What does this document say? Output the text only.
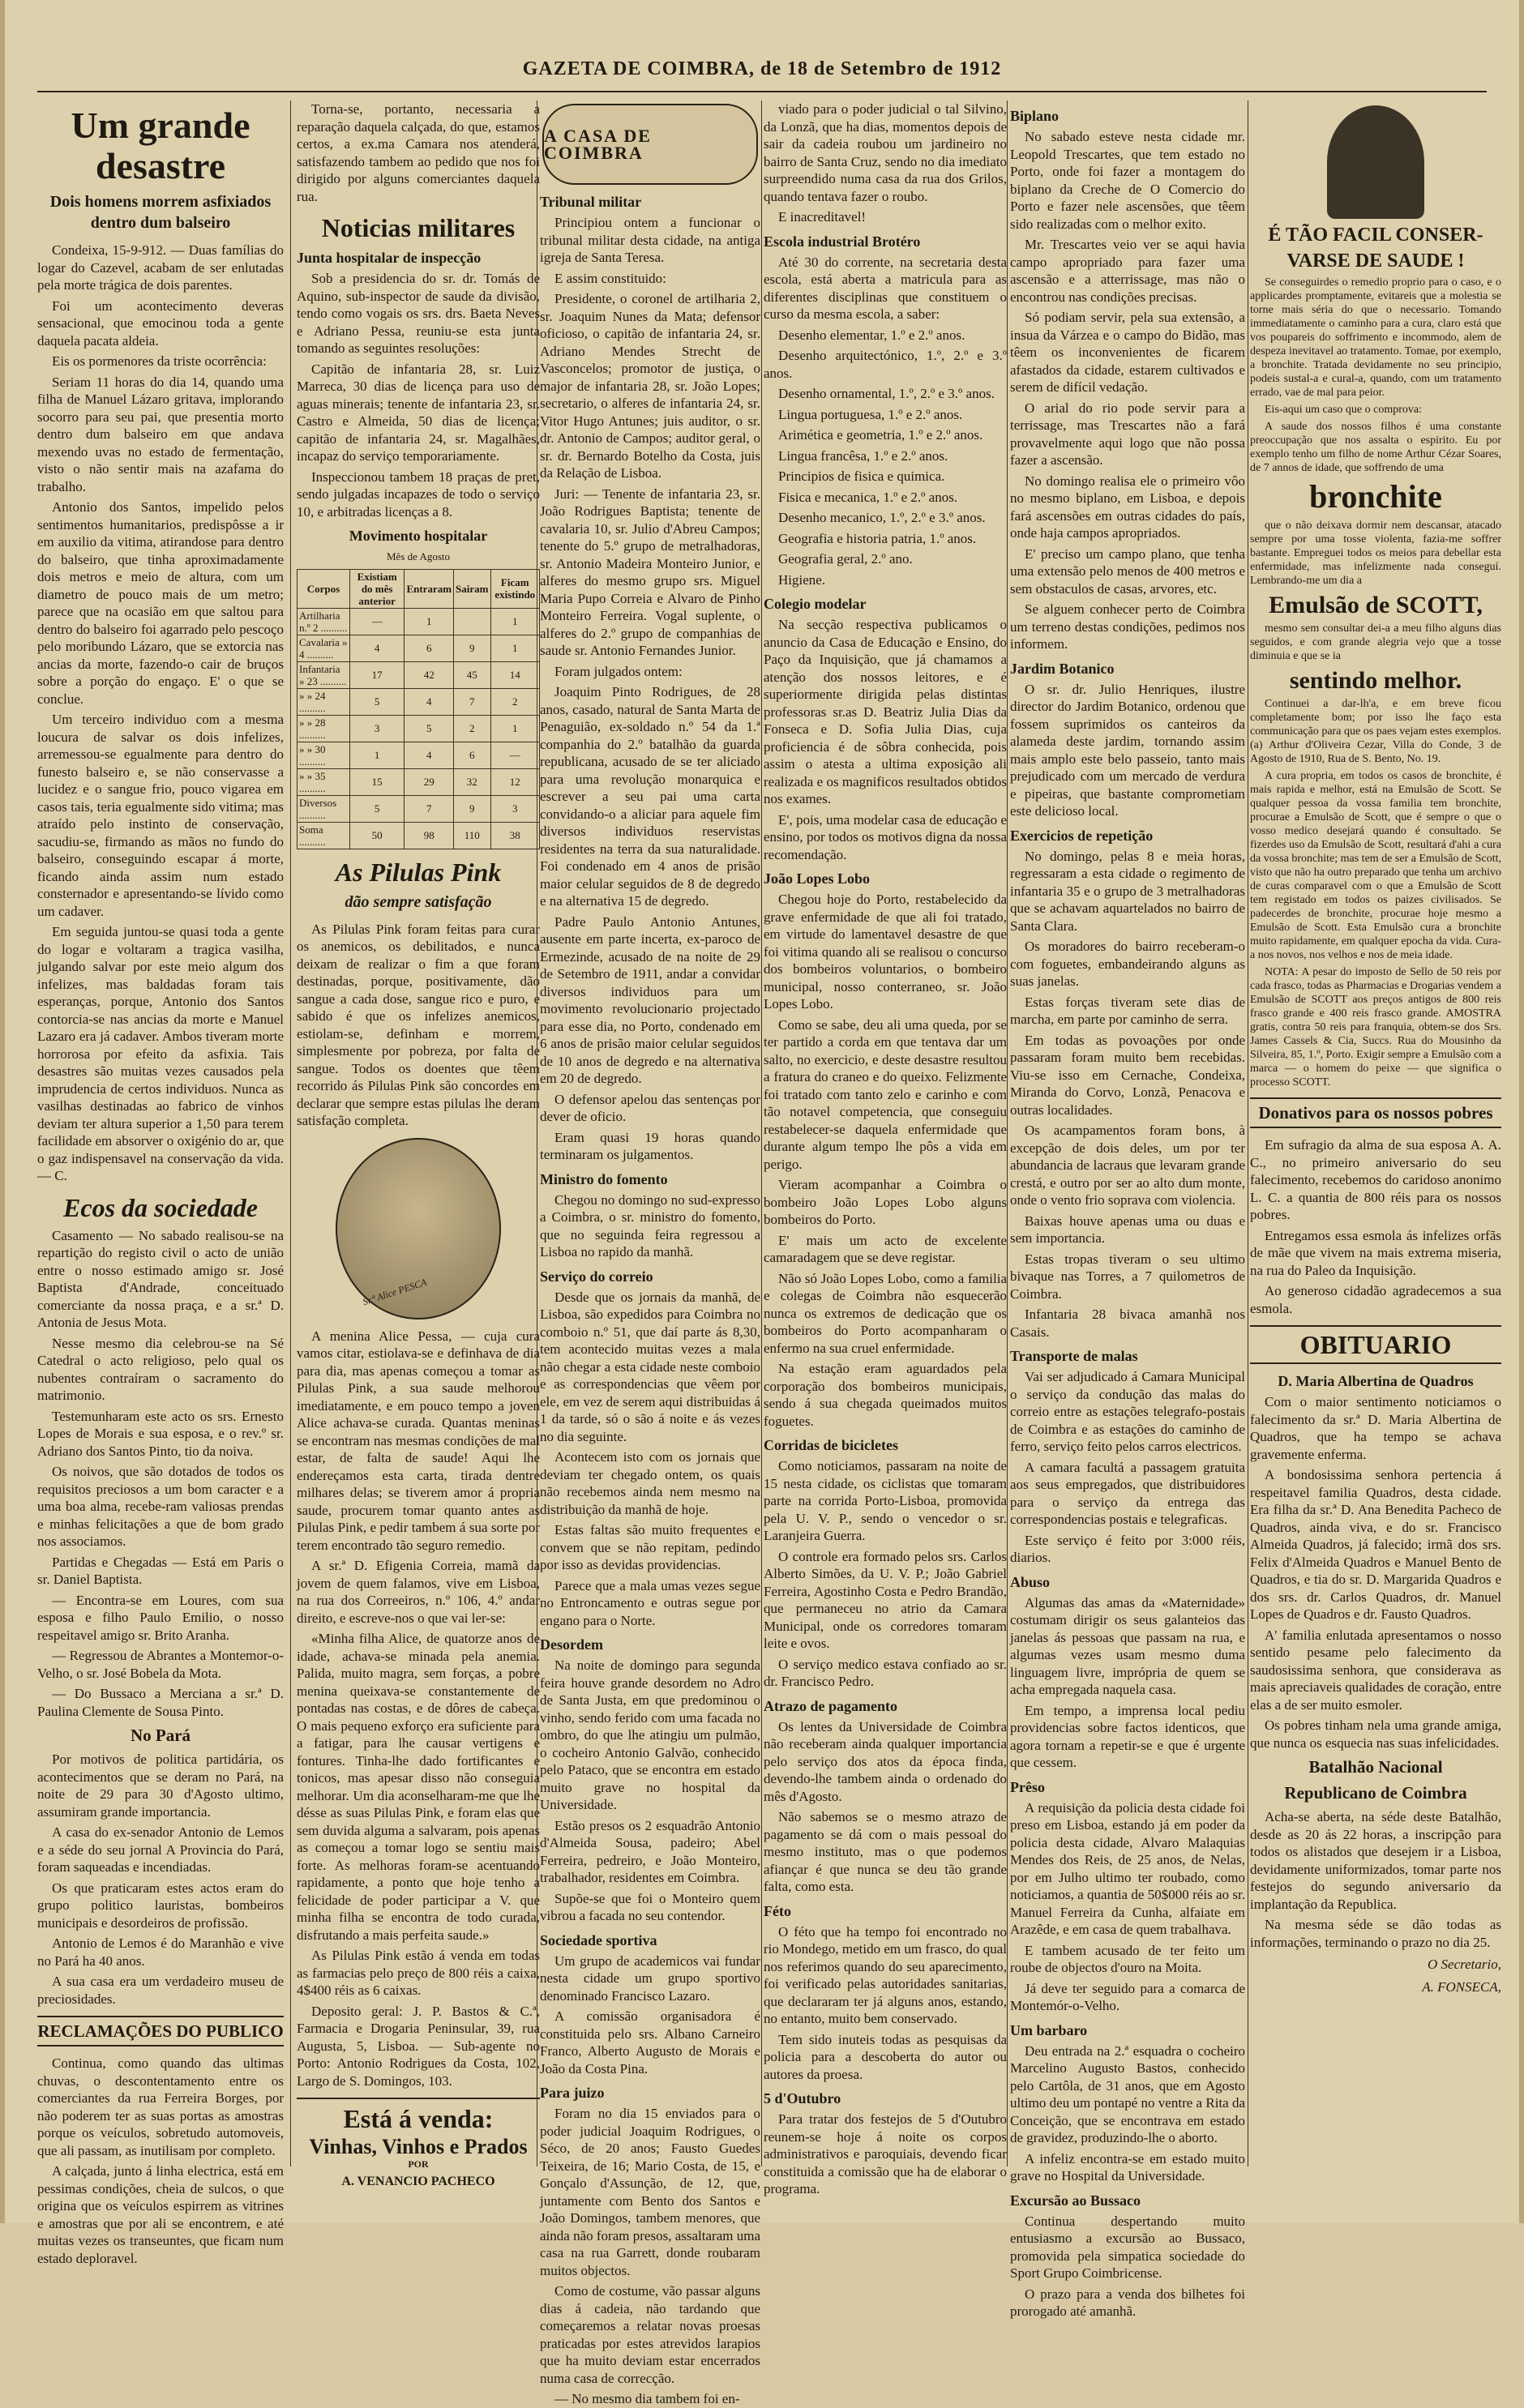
GAZETA DE COIMBRA, de 18 de Setembro de 1912
Um grande desastre
Dois homens morrem asfixiados dentro dum balseiro

Condeixa, 15-9-912. — Duas famílias do logar do Cazevel, acabam de ser enlutadas pela morte trágica de dois parentes.

Foi um acontecimento deveras sensacional, que emocinou toda a gente daquela pacata aldeia.

Eis os pormenores da triste ocorrência:

Seriam 11 horas do dia 14, quando uma filha de Manuel Lázaro gritava, implorando socorro para seu pai, que presentia morto dentro dum balseiro em que andava mexendo uvas no estado de fermentação, visto o não sentir mais na azafama do trabalho.

Antonio dos Santos, impelido pelos sentimentos humanitarios, predispôsse a ir em auxilio da vitima, atirandose para dentro do balseiro, que tinha aproximadamente dois metros e meio de altura, com um diametro de pouco mais de um metro; parece que na ocasião em que saltou para dentro do balseiro foi agarrado pelo pescoço pelo moribundo Lázaro, que se extorcia nas ancias da morte, fazendo-o cair de bruços sobre a porção do engaço. E' o que se conclue.

Um terceiro individuo com a mesma loucura de salvar os dois infelizes, arremessou-se egualmente para dentro do funesto balseiro e, se não conservasse a lucidez e o sangue frio, pouco vigarea em casos tais, teria egualmente sido vitima; mas atraído pelo instinto de conservação, sacudiu-se, firmando as mãos no fundo do balseiro, conseguindo escapar á morte, ficando ainda assim num estado consternador e apresentando-se lívido como um cadaver.

Em seguida juntou-se quasi toda a gente do logar e voltaram a tragica vasilha, julgando salvar por este meio algum dos infelizes, mas baldadas foram tais esperanças, porque, Antonio dos Santos contorcia-se nas ancias da morte e Manuel Lazaro era já cadaver. Ambos tiveram morte horrorosa por efeito da asfixia. Tais desastres são muitas vezes causados pela imprudencia de certos individuos. Nunca as vasilhas destinadas ao fabrico de vinhos deviam ter altura superior a 1,50 para terem facilidade em absorver o oxigénio do ar, que o gaz indispensavel na conservação da vida. — C.

Ecos da sociedade

Casamento — No sabado realisou-se na repartição do registo civil o acto de união entre o nosso estimado amigo sr. José Baptista d'Andrade, conceituado comerciante da nossa praça, e a sr.ª D. Antonia de Jesus Mota.

Nesse mesmo dia celebrou-se na Sé Catedral o acto religioso, pelo qual os nubentes contraíram o sacramento do matrimonio.

Testemunharam este acto os srs. Ernesto Lopes de Morais e sua esposa, e o rev.º sr. Adriano dos Santos Pinto, tio da noiva.

Os noivos, que são dotados de todos os requisitos preciosos a um bom caracter e a uma boa alma, recebe-ram valiosas prendas e minhas felicitações a que de bom grado nos associamos.

Partidas e Chegadas — Está em Paris o sr. Daniel Baptista.

— Encontra-se em Loures, com sua esposa e filho Paulo Emilio, o nosso respeitavel amigo sr. Brito Aranha.

— Regressou de Abrantes a Montemor-o-Velho, o sr. José Bobela da Mota.

— Do Bussaco a Merciana a sr.ª D. Paulina Clemente de Sousa Pinto.

No Pará

Por motivos de politica partidária, os acontecimentos que se deram no Pará, na noite de 29 para 30 d'Agosto ultimo, assumiram grande importancia.

A casa do ex-senador Antonio de Lemos e a séde do seu jornal A Provincia do Pará, foram saqueadas e incendiadas.

Os que praticaram estes actos eram do grupo politico lauristas, bombeiros municipais e desordeiros de profissão.

Antonio de Lemos é do Maranhão e vive no Pará ha 40 anos.

A sua casa era um verdadeiro museu de preciosidades.

RECLAMAÇÕES DO PUBLICO

Continua, como quando das ultimas chuvas, o descontentamento entre os comerciantes da rua Ferreira Borges, por não poderem ter as suas portas as amostras porque os veículos, sobretudo automoveis, que ali passam, as inutilisam por completo.

A calçada, junto á linha electrica, está em pessimas condições, cheia de sulcos, o que origina que os veículos espirrem as vitrines e amostras que por ali se encontrem, e até muitas vezes os transeuntes, que ficam num estado deploravel.

Torna-se, portanto, necessaria a reparação daquela calçada, do que, estamos certos, a ex.ma Camara nos atenderá, satisfazendo tambem ao pedido que nos foi dirigido por alguns comerciantes daquela rua.

Noticias militares
Junta hospitalar de inspecção

Sob a presidencia do sr. dr. Tomás de Aquino, sub-inspector de saude da divisão, tendo como vogais os srs. drs. Baeta Neves e Adriano Pessa, reuniu-se esta junta tomando as seguintes resoluções:

Capitão de infantaria 28, sr. Luiz Marreca, 30 dias de licença para uso de aguas minerais; tenente de infantaria 23, sr. Castro e Almeida, 50 dias de licença; capitão de infantaria 24, sr. Magalhães, incapaz do serviço temporariamente.

Inspeccionou tambem 18 praças de pret, sendo julgadas incapazes de todo o serviço 10, e arbitradas licenças a 8.

Movimento hospitalar
Mês de Agosto
Corpos	Existiam do mês anterior	Entraram	Sairam	Ficam existindo
Artilharia n.º 2 ..........	—	1		1
Cavalaria » 4 ..........	4	6	9	1
Infantaria » 23 ..........	17	42	45	14
» » 24 ..........	5	4	7	2
» » 28 ..........	3	5	2	1
» » 30 ..........	1	4	6	—
» » 35 ..........	15	29	32	12
Diversos ..........	5	7	9	3
Soma ..........	50	98	110	38
As Pilulas Pink
dão sempre satisfação

As Pilulas Pink foram feitas para curar os anemicos, os debilitados, e nunca deixam de realizar o fim a que foram destinadas, porque, positivamente, dão sangue a cada dose, sangue rico e puro, e sabido é que os infelizes anemicos, estiolam-se, definham e morrem, simplesmente por pobreza, por falta de sangue. Todos os doentes que têem recorrido ás Pilulas Pink são concordes em declarar que sempre estas pilulas lhe deram satisfação completa.

Sr.ª Alice PESCA

A menina Alice Pessa, — cuja cura vamos citar, estiolava-se e definhava de dia para dia, mas apenas começou a tomar as Pilulas Pink, a sua saude melhorou imediatamente, e em pouco tempo a joven Alice achava-se curada. Quantas meninas se encontram nas mesmas condições de mal estar, de falta de saude! Aqui lhe endereçamos esta carta, tirada dentre milhares delas; se tiverem amor á propria saude, procurem tomar quanto antes as Pilulas Pink, e pedir tambem á sua sorte por terem encontrado tão seguro remedio.

A sr.ª D. Efigenia Correia, mamã da jovem de quem falamos, vive em Lisboa, na rua dos Correeiros, n.º 106, 4.º andar direito, e escreve-nos o que vai ler-se:

«Minha filha Alice, de quatorze anos de idade, achava-se minada pela anemia. Palida, muito magra, sem forças, a pobre menina queixava-se constantemente de pontadas nas costas, e de dôres de cabeça. O mais pequeno exforço era suficiente para a fatigar, para lhe causar vertigens e fontures. Tinha-lhe dado fortificantes e tonicos, mas apesar disso não conseguia melhorar. Um dia aconselharam-me que lhe désse as suas Pilulas Pink, e foram elas que sem duvida alguma a salvaram, pois apenas as começou a tomar logo se sentiu mais forte. As melhoras foram-se acentuando rapidamente, a ponto que hoje tenho a felicidade de poder participar a V. que minha filha se encontra de todo curada, disfrutando a mais perfeita saude.»

As Pilulas Pink estão á venda em todas as farmacias pelo preço de 800 réis a caixa, 4$400 réis as 6 caixas.

Deposito geral: J. P. Bastos & C.ª, Farmacia e Drogaria Peninsular, 39, rua Augusta, 5, Lisboa. — Sub-agente no Porto: Antonio Rodrigues da Costa, 102, Largo de S. Domingos, 103.

Está á venda:
Vinhas, Vinhos e Prados
POR
A. VENANCIO PACHECO
A CASA DE COIMBRA
Tribunal militar

Principiou ontem a funcionar o tribunal militar desta cidade, na antiga igreja de Santa Teresa.

E assim constituido:

Presidente, o coronel de artilharia 2, sr. Joaquim Nunes da Mata; defensor oficioso, o capitão de infantaria 24, sr. Adriano Mendes Strecht de Vasconcelos; promotor de justiça, o major de infantaria 28, sr. João Lopes; secretario, o alferes de infantaria 24, sr. Vitor Hugo Antunes; juis auditor, o sr. dr. Antonio de Campos; auditor geral, o sr. dr. Bernardo Botelho da Costa, juis da Relação de Lisboa.

Juri: — Tenente de infantaria 23, sr. João Rodrigues Baptista; tenente de cavalaria 10, sr. Julio d'Abreu Campos; tenente do 5.º grupo de metralhadoras, sr. Antonio Madeira Monteiro Junior, e alferes do mesmo grupo srs. Miguel Maria Pupo Correia e Alvaro de Pinho Monteiro Ferreira. Vogal suplente, o alferes do 2.º grupo de companhias de saude sr. Antonio Fernandes Junior.

Foram julgados ontem:

Joaquim Pinto Rodrigues, de 28 anos, casado, natural de Santa Marta de Penaguião, ex-soldado n.º 54 da 1.ª companhia do 2.º batalhão da guarda republicana, acusado de se ter aliciado para uma revolução monarquica e escrever a seu pai uma carta convidando-o a aliciar para aquele fim diversos individuos reservistas residentes na terra da sua naturalidade. Foi condenado em 4 anos de prisão maior celular seguidos de 8 de degredo e na alternativa 15 de degredo.

Padre Paulo Antonio Antunes, ausente em parte incerta, ex-paroco de Ermezinde, acusado de na noite de 29 de Setembro de 1911, andar a convidar diversos individuos para um movimento revolucionario projectado para esse dia, no Porto, condenado em 6 anos de prisão maior celular seguidos de 10 anos de degredo e na alternativa em 20 de degredo.

O defensor apelou das sentenças por dever de oficio.

Eram quasi 19 horas quando terminaram os julgamentos.

Ministro do fomento

Chegou no domingo no sud-expresso a Coimbra, o sr. ministro do fomento, que no seguinda feira regressou a Lisboa no rapido da manhã.

Serviço do correio

Desde que os jornais da manhã, de Lisboa, são expedidos para Coimbra no comboio n.º 51, que daí parte ás 8,30, tem acontecido muitas vezes a mala não chegar a esta cidade neste comboio e as correspondencias que vêem por ele, em vez de serem aqui distribuidas á 1 da tarde, só o são á noite e ás vezes no dia seguinte.

Acontecem isto com os jornais que deviam ter chegado ontem, os quais não recebemos ainda nem mesmo na distribuição da manhã de hoje.

Estas faltas são muito frequentes e convem que se não repitam, pedindo por isso as devidas providencias.

Parece que a mala umas vezes segue no Entroncamento e outras segue por engano para o Norte.

Desordem

Na noite de domingo para segunda feira houve grande desordem no Adro de Santa Justa, em que predominou o vinho, sendo ferido com uma facada no ombro, do que lhe atingiu um pulmão, o cocheiro Antonio Galvão, conhecido pelo Pataco, que se encontra em estado muito grave no hospital da Universidade.

Estão presos os 2 esquadrão Antonio d'Almeida Sousa, padeiro; Abel Ferreira, pedreiro, e João Monteiro, trabalhador, residentes em Coimbra.

Supõe-se que foi o Monteiro quem vibrou a facada no seu contendor.

Sociedade sportiva

Um grupo de academicos vai fundar nesta cidade um grupo sportivo denominado Francisco Lazaro.

A comissão organisadora é constituida pelo srs. Albano Carneiro Franco, Alberto Augusto de Morais e João da Costa Pina.

Para juizo

Foram no dia 15 enviados para o poder judicial Joaquim Rodrigues, o Séco, de 20 anos; Fausto Guedes Teixeira, de 16; Mario Costa, de 15, e Gonçalo d'Assunção, de 12, que, juntamente com Bento dos Santos e João Domingos, tambem menores, que ainda não foram presos, assaltaram uma casa na rua Garrett, donde roubaram muitos objectos.

Como de costume, vão passar alguns dias á cadeia, não tardando que começaremos a relatar novas proesas praticadas por estes atrevidos larapios que ha muito deviam estar encerrados numa casa de correcção.

— No mesmo dia tambem foi en-

viado para o poder judicial o tal Silvino, da Lonzã, que ha dias, momentos depois de sair da cadeia roubou um jardineiro no bairro de Santa Cruz, sendo no dia imediato surpreendido numa casa da rua dos Grilos, quando tentava fazer o roubo.

E inacreditavel!

Escola industrial Brotéro

Até 30 do corrente, na secretaria desta escola, está aberta a matricula para as diferentes disciplinas que constituem o curso da mesma escola, a saber:

Desenho elementar, 1.º e 2.º anos.

Desenho arquitectónico, 1.º, 2.º e 3.º anos.

Desenho ornamental, 1.º, 2.º e 3.º anos.

Lingua portuguesa, 1.º e 2.º anos.

Arimética e geometria, 1.º e 2.º anos.

Lingua francêsa, 1.º e 2.º anos.

Principios de fisica e quimica.

Fisica e mecanica, 1.º e 2.º anos.

Desenho mecanico, 1.º, 2.º e 3.º anos.

Geografia e historia patria, 1.º anos.

Geografia geral, 2.º ano.

Higiene.

Colegio modelar

Na secção respectiva publicamos o anuncio da Casa de Educação e Ensino, do Paço da Inquisição, que já chamamos a atenção dos nossos leitores, e é superiormente dirigida pelas distintas professoras sr.as D. Beatriz Julia Dias da Fonseca e D. Sofia Julia Dias, cuja proficiencia é de sôbra conhecida, pois assim o atesta a ultima exposição ali realizada e os magnificos resultados obtidos nos exames.

E', pois, uma modelar casa de educação e ensino, por todos os motivos digna da nossa recomendação.

João Lopes Lobo

Chegou hoje do Porto, restabelecido da grave enfermidade de que ali foi tratado, em virtude do lamentavel desastre de que foi vitima quando ali se realisou o concurso dos bombeiros voluntarios, o bombeiro municipal, nosso conterraneo, sr. João Lopes Lobo.

Como se sabe, deu ali uma queda, por se ter partido a corda em que tentava dar um salto, no exercicio, e deste desastre resultou a fratura do craneo e do queixo. Felizmente foi tratado com tanto zelo e carinho e com tão notavel competencia, que conseguiu restabelecer-se daquela enfermidade que durante algum tempo lhe pôs a vida em perigo.

Vieram acompanhar a Coimbra o bombeiro João Lopes Lobo alguns bombeiros do Porto.

E' mais um acto de excelente camaradagem que se deve registar.

Não só João Lopes Lobo, como a familia e colegas de Coimbra não esquecerão nunca os extremos de dedicação que os bombeiros do Porto acompanharam o enfermo na sua cruel enfermidade.

Na estação eram aguardados pela corporação dos bombeiros municipais, sendo á sua chegada queimados muitos foguetes.

Corridas de bicicletes

Como noticiamos, passaram na noite de 15 nesta cidade, os ciclistas que tomaram parte na corrida Porto-Lisboa, promovida pela U. V. P., sendo o vencedor o sr. Laranjeira Guerra.

O controle era formado pelos srs. Carlos Alberto Simões, da U. V. P.; João Gabriel Ferreira, Agostinho Costa e Pedro Brandão, que permaneceu no atrio da Camara Municipal, onde os corredores tomaram leite e ovos.

O serviço medico estava confiado ao sr. dr. Francisco Pedro.

Atrazo de pagamento

Os lentes da Universidade de Coimbra não receberam ainda qualquer importancia pelo serviço dos atos da época finda, devendo-lhe tambem ainda o ordenado do mês d'Agosto.

Não sabemos se o mesmo atrazo de pagamento se dá com o mais pessoal do mesmo instituto, mas o que podemos afiançar é que nunca se deu tão grande falta, como esta.

Féto

O féto que ha tempo foi encontrado no rio Mondego, metido em um frasco, do qual nos referimos quando do seu aparecimento, foi verificado pelas autoridades sanitarias, que declararam ter já alguns anos, estando, no entanto, muito bem conservado.

Tem sido inuteis todas as pesquisas da policia para a descoberta do autor ou autores da proesa.

5 d'Outubro

Para tratar dos festejos de 5 d'Outubro reunem-se hoje á noite os corpos administrativos e paroquiais, devendo ficar constituida a comissão que ha de elaborar o programa.

Biplano

No sabado esteve nesta cidade mr. Leopold Trescartes, que tem estado no Porto, onde foi fazer a montagem do biplano da Creche de O Comercio do Porto e fazer nele ascensões, que têem sido realizadas com o melhor exito.

Mr. Trescartes veio ver se aqui havia campo apropriado para fazer uma ascensão e a atterrissage, mas não o encontrou nas condições precisas.

Só podiam servir, pela sua extensão, a insua da Várzea e o campo do Bidão, mas têem os inconvenientes de ficarem afastados da cidade, estarem cultivados e serem de difícil vedação.

O arial do rio pode servir para a terrissage, mas Trescartes não a fará provavelmente aqui logo que não possa fazer a ascensão.

No domingo realisa ele o primeiro vôo no mesmo biplano, em Lisboa, e depois fará ascensões em outras cidades do país, onde haja campos apropriados.

E' preciso um campo plano, que tenha uma extensão pelo menos de 400 metros e sem obstaculos de casas, arvores, etc.

Se alguem conhecer perto de Coimbra um terreno destas condições, pedimos nos informem.

Jardim Botanico

O sr. dr. Julio Henriques, ilustre director do Jardim Botanico, ordenou que fossem suprimidos os canteiros da alameda deste jardim, tornando assim mais amplo este belo passeio, tanto mais prejudicado com um mercado de verdura e pipeiras, que bastante comprometiam este delicioso local.

Exercicios de repetição

No domingo, pelas 8 e meia horas, regressaram a esta cidade o regimento de infantaria 35 e o grupo de 3 metralhadoras que se achavam aquartelados no bairro de Santa Clara.

Os moradores do bairro receberam-o com foguetes, embandeirando alguns as suas janelas.

Estas forças tiveram sete dias de marcha, em parte por caminho de serra.

Em todas as povoações por onde passaram foram muito bem recebidas. Viu-se isso em Cernache, Condeixa, Miranda do Corvo, Lonzã, Penacova e outras localidades.

Os acampamentos foram bons, à excepção de dois deles, um por ter abundancia de lacraus que levaram grande crestá, e outro por ser ao alto dum monte, onde o vento frio soprava com violencia.

Baixas houve apenas uma ou duas e sem importancia.

Estas tropas tiveram o seu ultimo bivaque nas Torres, a 7 quilometros de Coimbra.

Infantaria 28 bivaca amanhã nos Casais.

Transporte de malas

Vai ser adjudicado á Camara Municipal o serviço da condução das malas do correio entre as estações telegrafo-postais de Coimbra e as estações do caminho de ferro, serviço feito pelos carros electricos.

A camara facultá a passagem gratuita aos seus empregados, que distribuidores para o serviço da entrega das correspondencias postais e telegraficas.

Este serviço é feito por 3:000 réis, diarios.

Abuso

Algumas das amas da «Maternidade» costumam dirigir os seus galanteios das janelas ás pessoas que passam na rua, e algumas vezes usam mesmo duma linguagem livre, imprópria de quem se acha empregada naquela casa.

Em tempo, a imprensa local pediu providencias sobre factos identicos, que agora tornam a repetir-se e que é urgente que cessem.

Prêso

A requisição da policia desta cidade foi preso em Lisboa, estando já em poder da policia desta cidade, Alvaro Malaquias Mendes dos Reis, de 25 anos, de Nelas, por em Julho ultimo ter roubado, como noticiamos, a quantia de 50$000 réis ao sr. Manuel Ferreira da Cunha, alfaiate em Arazêde, e em casa de quem trabalhava.

E tambem acusado de ter feito um roube de objectos d'ouro na Moita.

Já deve ter seguido para a comarca de Montemór-o-Velho.

Um barbaro

Deu entrada na 2.ª esquadra o cocheiro Marcelino Augusto Bastos, conhecido pelo Cartôla, de 31 anos, que em Agosto ultimo deu um pontapé no ventre a Rita da Conceição, que se encontrava em estado de gravidez, produzindo-lhe o aborto.

A infeliz encontra-se em estado muito grave no Hospital da Universidade.

Excursão ao Bussaco

Continua despertando muito entusiasmo a excursão ao Bussaco, promovida pela simpatica sociedade do Sport Grupo Coimbricense.

O prazo para a venda dos bilhetes foi prorogado até amanhã.

É TÃO FACIL CONSER-
VARSE DE SAUDE !

Se conseguirdes o remedio proprio para o caso, e o applicardes promptamente, evitareis que a molestia se torne mais séria do que o necessario. Tomando immediatamente o caminho para a cura, claro está que vos poupareis do soffrimento e incommodo, alem de despeza inevitavel ao tratamento. Tomae, por exemplo, a bronchite. Tratada devidamente no seu principio, podeis sustal-a e cural-a, quando, com um tratamento errado, vae de mal para peior.

Eis-aqui um caso que o comprova:

A saude dos nossos filhos é uma constante preoccupação que nos assalta o espirito. Eu por exemplo tenho um filho de nome Arthur Cézar Soares, de 7 annos de idade, que soffrendo de uma

bronchite

que o não deixava dormir nem descansar, atacado sempre por uma tosse violenta, fazia-me soffrer bastante. Empreguei todos os meios para debellar esta enfermidade, mas infelizmente nada conseguí. Lembrando-me um dia a

Emulsão de SCOTT,

mesmo sem consultar dei-a a meu filho alguns dias seguidos, e com grande alegria vejo que a tosse diminuia e que se ia

sentindo melhor.

Continuei a dar-lh'a, e em breve ficou completamente bom; por isso lhe faço esta communicação para que os paes vejam estes exemplos. (a) Arthur d'Oliveira Cezar, Villa do Conde, 3 de Agosto de 1910, Rua de S. Bento, No. 19.

A cura propria, em todos os casos de bronchite, é mais rapida e melhor, está na Emulsão de Scott. Se qualquer pessoa da vossa familia tem bronchite, procurae a Emulsão de Scott, que é sempre o que o vosso medico desejará quando é consultado. Se fizerdes uso da Emulsão de Scott, resultará d'ahi a cura da vossa bronchite; mas tem de ser a Emulsão de Scott, visto que não ha outro preparado que tenha um archivo de curas comparavel com o que a Emulsão de Scott tem registado em todos os paizes civilisados. Se padecerdes de bronchite, procurae hoje mesmo a Emulsão de Scott. Esta Emulsão cura a bronchite muito rapidamente, em qualquer epocha da vida. Cura-a nos novos, nos velhos e nos de meia idade.

NOTA: A pesar do imposto de Sello de 50 reis por cada frasco, todas as Pharmacias e Drogarias vendem a Emulsão de SCOTT aos preços antigos de 800 reis frasco grande e 400 reis frasco grande. AMOSTRA gratis, contra 50 reis para franquia, obtem-se dos Srs. James Cassels & Cia, Succs. Rua do Mousinho da Silveira, 85, 1.º, Porto. Exigir sempre a Emulsão com a marca — o homem do peixe — que significa o processo SCOTT.

Donativos para os nossos pobres

Em sufragio da alma de sua esposa A. A. C., no primeiro aniversario do seu falecimento, recebemos do caridoso anonimo L. C. a quantia de 800 réis para os nossos pobres.

Entregamos essa esmola ás infelizes orfãs de mãe que vivem na mais extrema miseria, na rua do Paleo da Inquisição.

Ao generoso cidadão agradecemos a sua esmola.

OBITUARIO
D. Maria Albertina de Quadros

Com o maior sentimento noticiamos o falecimento da sr.ª D. Maria Albertina de Quadros, que ha tempo se achava gravemente enferma.

A bondosissima senhora pertencia á respeitavel familia Quadros, desta cidade. Era filha da sr.ª D. Ana Benedita Pacheco de Quadros, ainda viva, e do sr. Francisco Almeida Quadros, já falecido; irmã dos srs. Felix d'Almeida Quadros e Manuel Bento de Quadros, e tia do sr. D. Margarida Quadros e dos srs. dr. Carlos Quadros, dr. Manuel Lopes de Quadros e dr. Fausto Quadros.

A' familia enlutada apresentamos o nosso sentido pesame pelo falecimento da saudosissima senhora, que considerava as mais apreciaveis qualidades de coração, entre elas a de ser muito esmoler.

Os pobres tinham nela uma grande amiga, que nunca os esquecia nas suas infelicidades.

Batalhão Nacional
Republicano de Coimbra

Acha-se aberta, na séde deste Batalhão, desde as 20 ás 22 horas, a inscripção para todos os alistados que desejem ir a Lisboa, devidamente uniformizados, tomar parte nos festejos do segundo aniversario da implantação da Republica.

Na mesma séde se dão todas as informações, terminando o prazo no dia 25.

O Secretario,
A. FONSECA,
